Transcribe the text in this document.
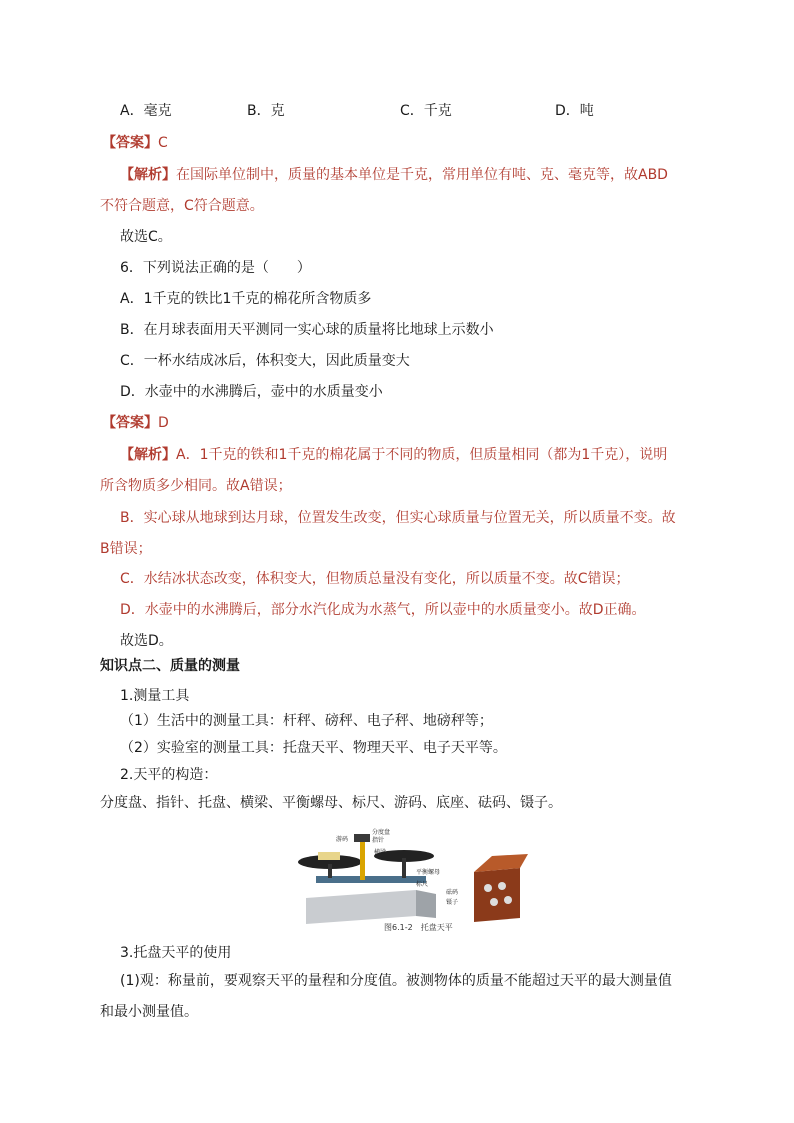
A．毫克	B．克	C．千克	D．吨
【答案】C
【解析】在国际单位制中，质量的基本单位是千克，常用单位有吨、克、毫克等，故ABD不符合题意，C符合题意。
故选C。
6．下列说法正确的是（　　）
A．1千克的铁比1千克的棉花所含物质多
B．在月球表面用天平测同一实心球的质量将比地球上示数小
C．一杯水结成冰后，体积变大，因此质量变大
D．水壶中的水沸腾后，壶中的水质量变小
【答案】D
【解析】A．1千克的铁和1千克的棉花属于不同的物质，但质量相同（都为1千克），说明所含物质多少相同。故A错误；
B．实心球从地球到达月球，位置发生改变，但实心球质量与位置无关，所以质量不变。故B错误；
C．水结冰状态改变，体积变大，但物质总量没有变化，所以质量不变。故C错误；
D．水壶中的水沸腾后，部分水汽化成为水蒸气，所以壶中的水质量变小。故D正确。
故选D。
知识点二、质量的测量
1.测量工具
（1）生活中的测量工具：杆秤、磅秤、电子秤、地磅秤等；
（2）实验室的测量工具：托盘天平、物理天平、电子天平等。
2.天平的构造：
分度盘、指针、托盘、横梁、平衡螺母、标尺、游码、底座、砝码、镊子。
分度盘
游码	指针
横梁
平衡螺母
标尺
砝码
镊子
图6.1-2　托盘天平
3.托盘天平的使用
(1)观：称量前，要观察天平的量程和分度值。被测物体的质量不能超过天平的最大测量值和最小测量值。
